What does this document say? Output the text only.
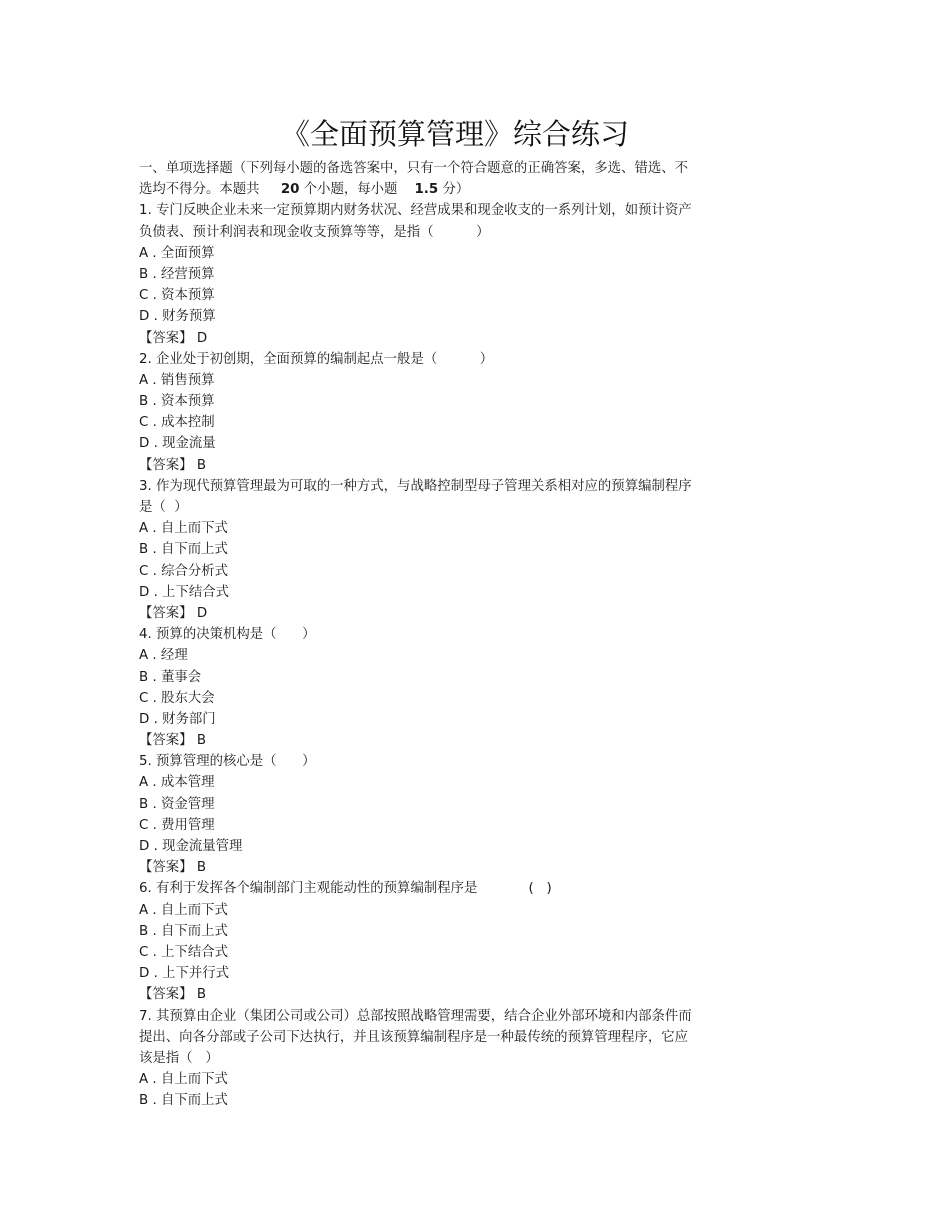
《全面预算管理》综合练习
一、单项选择题（下列每小题的备选答案中，只有一个符合题意的正确答案，多选、错选、不
选均不得分。本题共 20 个小题，每小题 1.5 分）
1. 专门反映企业未来一定预算期内财务状况、经营成果和现金收支的一系列计划，如预计资产
负债表、预计利润表和现金收支预算等等，是指（          ）
A . 全面预算
B . 经营预算
C . 资本预算
D . 财务预算
【答案】 D
2. 企业处于初创期，全面预算的编制起点一般是（          ）
A . 销售预算
B . 资本预算
C . 成本控制
D . 现金流量
【答案】 B
3. 作为现代预算管理最为可取的一种方式，与战略控制型母子管理关系相对应的预算编制程序
是（  ）
A . 自上而下式
B . 自下而上式
C . 综合分析式
D . 上下结合式
【答案】 D
4. 预算的决策机构是（      ）
A . 经理
B . 董事会
C . 股东大会
D . 财务部门
【答案】 B
5. 预算管理的核心是（      ）
A . 成本管理
B . 资金管理
C . 费用管理
D . 现金流量管理
【答案】 B
6. 有利于发挥各个编制部门主观能动性的预算编制程序是            (   )
A . 自上而下式
B . 自下而上式
C . 上下结合式
D . 上下并行式
【答案】 B
7. 其预算由企业（集团公司或公司）总部按照战略管理需要，结合企业外部环境和内部条件而
提出、向各分部或子公司下达执行，并且该预算编制程序是一种最传统的预算管理程序，它应
该是指（   ）
A . 自上而下式
B . 自下而上式
